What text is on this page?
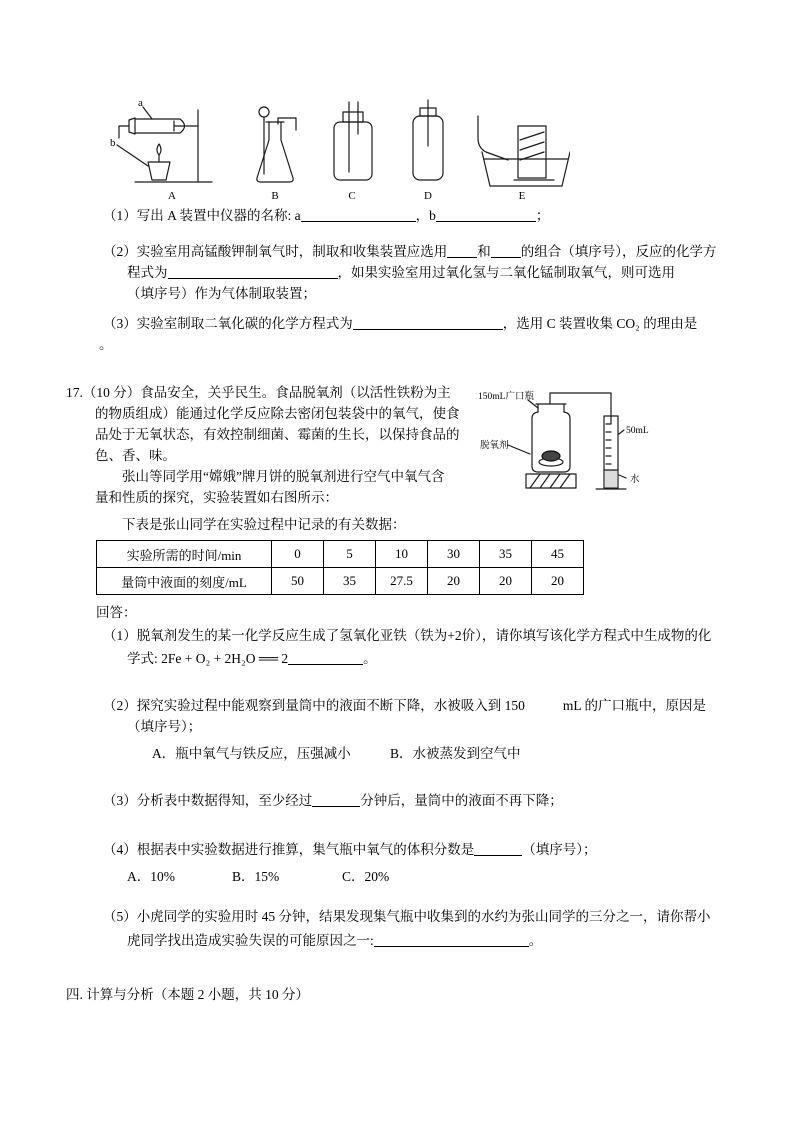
a
b
A	B	C	D	E
（1）写出 A 装置中仪器的名称: a	，b	；
（2）实验室用高锰酸钾制氧气时，制取和收集装置应选用 和 的组合（填序号），反应的化学方
程式为	，如果实验室用过氧化氢与二氧化锰制取氧气，则可选用
（填序号）作为气体制取装置；
（3）实验室制取二氧化碳的化学方程式为	，选用 C 装置收集 CO₂ 的理由是
。
17.（10 分）食品安全，关乎民生。食品脱氧剂（以活性铁粉为主
的物质组成）能通过化学反应除去密闭包装袋中的氧气，使食
品处于无氧状态，有效控制细菌、霉菌的生长，以保持食品的
色、香、味。
张山等同学用“嫦娥”牌月饼的脱氧剂进行空气中氧气含
量和性质的探究，实验装置如右图所示：
下表是张山同学在实验过程中记录的有关数据：
150mL广口瓶
脱氧剂
50mL
水
实验所需的时间/min	0	5	10	30	35	45
量筒中液面的刻度/mL	50	35	27.5	20	20	20
回答：
（1）脱氧剂发生的某一化学反应生成了氢氧化亚铁（铁为+2价），请你填写该化学方程式中生成物的化
学式: 2Fe + O₂ + 2H₂O ══ 2	。
（2）探究实验过程中能观察到量筒中的液面不断下降，水被吸入到 150	mL 的广口瓶中，原因是
（填序号）；
A．瓶中氧气与铁反应，压强减小	B．水被蒸发到空气中
（3）分析表中数据得知，至少经过	分钟后，量筒中的液面不再下降；
（4）根据表中实验数据进行推算，集气瓶中氧气的体积分数是	（填序号）；
A．10%	B．15%	C．20%
（5）小虎同学的实验用时 45 分钟，结果发现集气瓶中收集到的水约为张山同学的三分之一，请你帮小
虎同学找出造成实验失误的可能原因之一:	。
四. 计算与分析（本题 2 小题，共 10 分）
